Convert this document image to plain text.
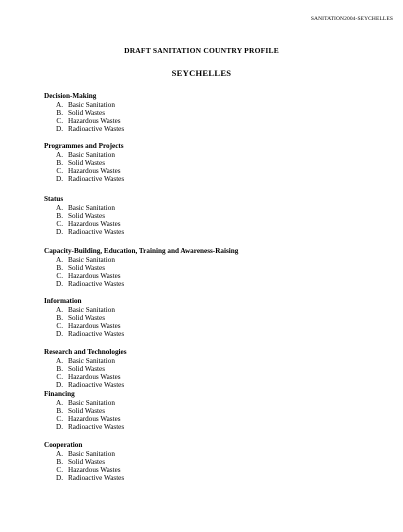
SANITATION2004-SEYCHELLES
DRAFT SANITATION COUNTRY PROFILE
SEYCHELLES
Decision-Making
A. Basic Sanitation
B. Solid Wastes
C. Hazardous Wastes
D. Radioactive Wastes
Programmes and Projects
A. Basic Sanitation
B. Solid Wastes
C. Hazardous Wastes
D. Radioactive Wastes
Status
A. Basic Sanitation
B. Solid Wastes
C. Hazardous Wastes
D. Radioactive Wastes
Capacity-Building, Education, Training and Awareness-Raising
A. Basic Sanitation
B. Solid Wastes
C. Hazardous Wastes
D. Radioactive Wastes
Information
A. Basic Sanitation
B. Solid Wastes
C. Hazardous Wastes
D. Radioactive Wastes
Research and Technologies
A. Basic Sanitation
B. Solid Wastes
C. Hazardous Wastes
D. Radioactive Wastes
Financing
A. Basic Sanitation
B. Solid Wastes
C. Hazardous Wastes
D. Radioactive Wastes
Cooperation
A. Basic Sanitation
B. Solid Wastes
C. Hazardous Wastes
D. Radioactive Wastes
